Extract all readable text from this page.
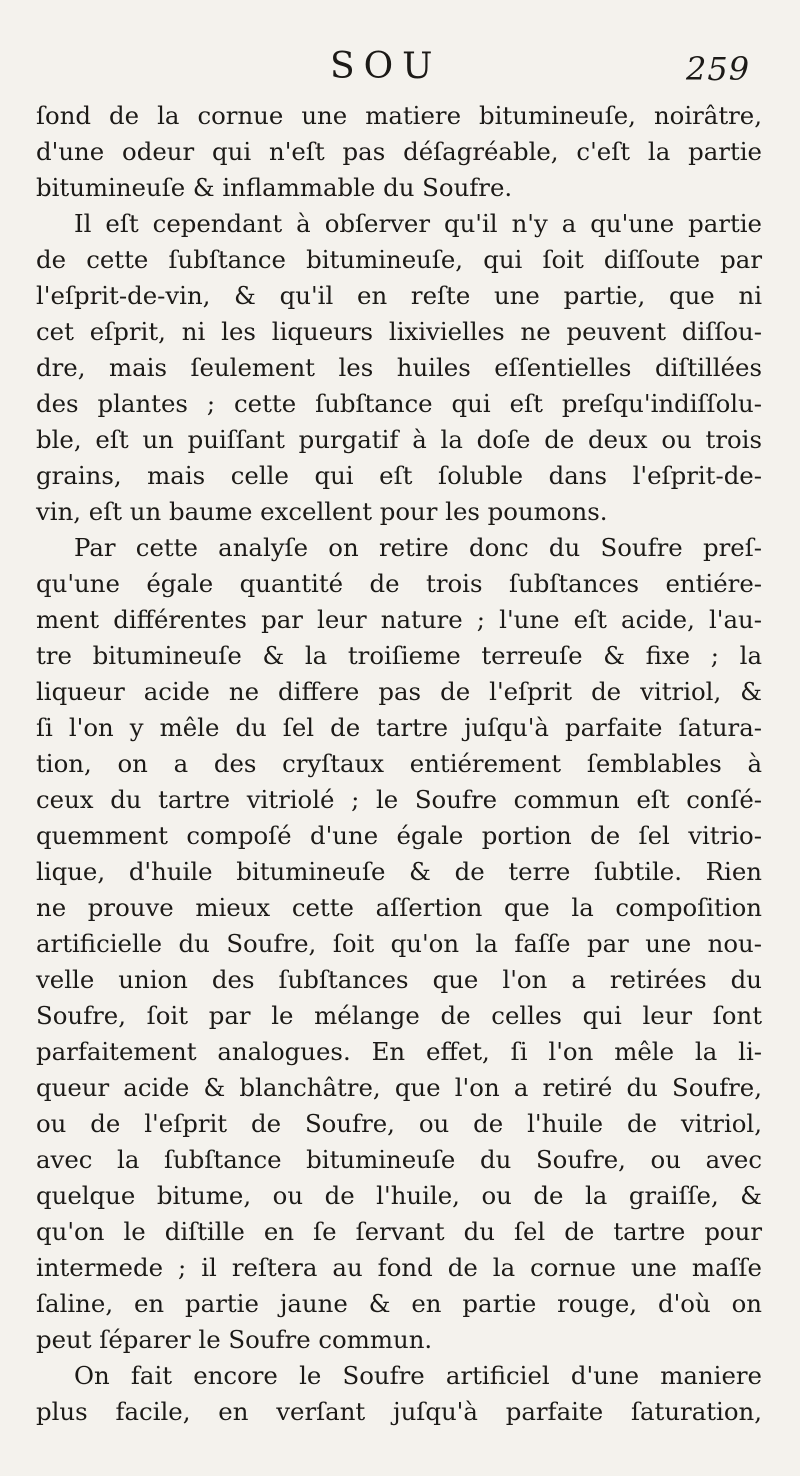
SOU	259
ſond de la cornue une matiere bitumineuſe, noirâtre,
d'une odeur qui n'eſt pas déſagréable, c'eſt la partie
bitumineuſe & inflammable du Soufre.
Il eſt cependant à obſerver qu'il n'y a qu'une partie
de cette ſubſtance bitumineuſe, qui ſoit diſſoute par
l'eſprit-de-vin, & qu'il en reſte une partie, que ni
cet eſprit, ni les liqueurs lixivielles ne peuvent diſſou-
dre, mais ſeulement les huiles eſſentielles diſtillées
des plantes ; cette ſubſtance qui eſt preſqu'indiſſolu-
ble, eſt un puiſſant purgatif à la doſe de deux ou trois
grains, mais celle qui eſt ſoluble dans l'eſprit-de-
vin, eſt un baume excellent pour les poumons.
Par cette analyſe on retire donc du Soufre preſ-
qu'une égale quantité de trois ſubſtances entiére-
ment différentes par leur nature ; l'une eſt acide, l'au-
tre bitumineuſe & la troiſieme terreuſe & fixe ; la
liqueur acide ne differe pas de l'eſprit de vitriol, &
ſi l'on y mêle du ſel de tartre juſqu'à parfaite ſatura-
tion, on a des cryſtaux entiérement ſemblables à
ceux du tartre vitriolé ; le Soufre commun eſt conſé-
quemment compoſé d'une égale portion de ſel vitrio-
lique, d'huile bitumineuſe & de terre ſubtile. Rien
ne prouve mieux cette aſſertion que la compoſition
artificielle du Soufre, ſoit qu'on la faſſe par une nou-
velle union des ſubſtances que l'on a retirées du
Soufre, ſoit par le mélange de celles qui leur ſont
parfaitement analogues. En effet, ſi l'on mêle la li-
queur acide & blanchâtre, que l'on a retiré du Soufre,
ou de l'eſprit de Soufre, ou de l'huile de vitriol,
avec la ſubſtance bitumineuſe du Soufre, ou avec
quelque bitume, ou de l'huile, ou de la graiſſe, &
qu'on le diſtille en ſe ſervant du ſel de tartre pour
intermede ; il reſtera au fond de la cornue une maſſe
ſaline, en partie jaune & en partie rouge, d'où on
peut ſéparer le Soufre commun.
On fait encore le Soufre artificiel d'une maniere
plus facile, en verſant juſqu'à parfaite ſaturation,
